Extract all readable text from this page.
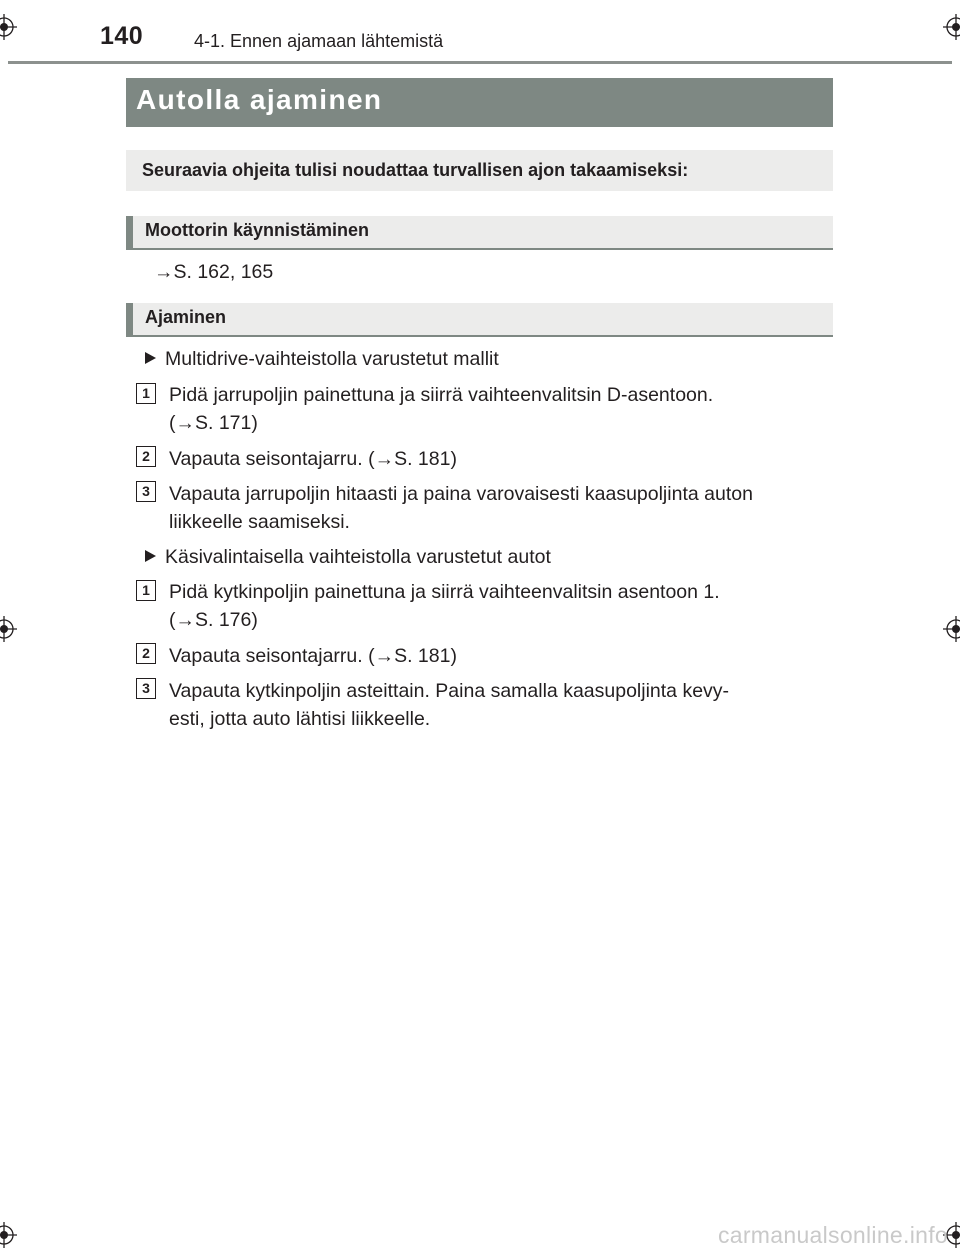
140	4-1. Ennen ajamaan lähtemistä
Autolla ajaminen
Seuraavia ohjeita tulisi noudattaa turvallisen ajon takaamiseksi:
Moottorin käynnistäminen
→S. 162, 165
Ajaminen
Multidrive-vaihteistolla varustetut mallit
1 Pidä jarrupoljin painettuna ja siirrä vaihteenvalitsin D-asentoon.
(→S. 171)
2 Vapauta seisontajarru. (→S. 181)
3 Vapauta jarrupoljin hitaasti ja paina varovaisesti kaasupoljinta auton
liikkeelle saamiseksi.
Käsivalintaisella vaihteistolla varustetut autot
1 Pidä kytkinpoljin painettuna ja siirrä vaihteenvalitsin asentoon 1.
(→S. 176)
2 Vapauta seisontajarru. (→S. 181)
3 Vapauta kytkinpoljin asteittain. Paina samalla kaasupoljinta kevy-
esti, jotta auto lähtisi liikkeelle.
carmanualsonline.info
